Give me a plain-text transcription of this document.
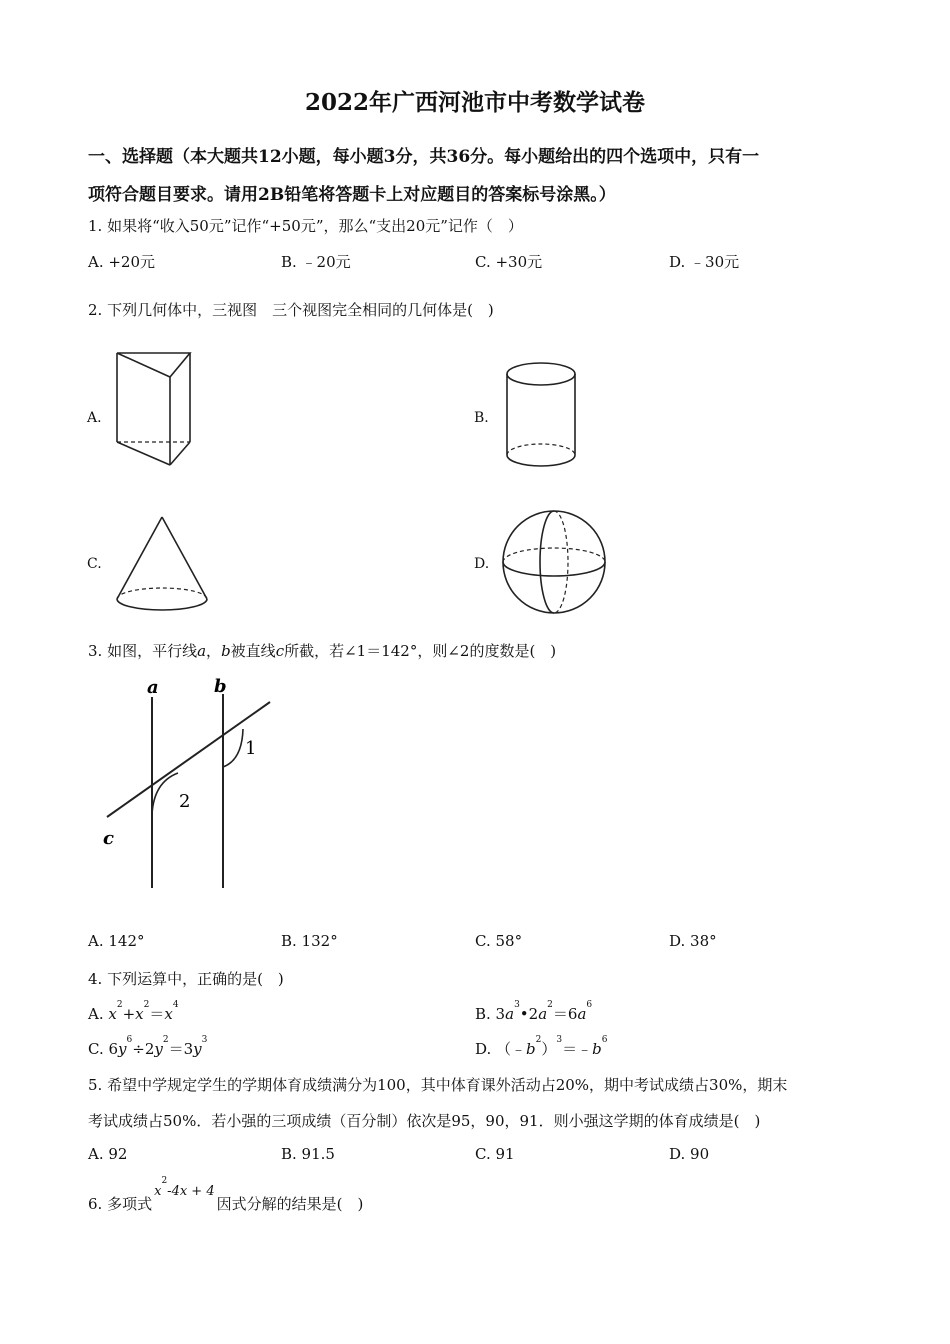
2022年广西河池市中考数学试卷
一、选择题（本大题共12小题，每小题3分，共36分。每小题给出的四个选项中，只有一
项符合题目要求。请用2B铅笔将答题卡上对应题目的答案标号涂黑。）
1. 如果将“收入50元”记作“+50元”，那么“支出20元”记作（　）
A. +20元	B. ﹣20元	C. +30元	D. ﹣30元
2. 下列几何体中，三视图　三个视图完全相同的几何体是(　)
A.	B.
C.	D.
3. 如图，平行线a，b被直线c所截，若∠1＝142°，则∠2的度数是(　)
a	b
c
1
2
A. 142°	B. 132°	C. 58°	D. 38°
4. 下列运算中，正确的是(　)
A. $x^2+x^2=x^4$	B. $3a^3•2a^2=6a^6$
C. $6y^6\div 2y^2=3y^3$	D. $(﹣b^2)^3=﹣b^6$
5. 希望中学规定学生的学期体育成绩满分为100，其中体育课外活动占20%，期中考试成绩占30%，期末
考试成绩占50%．若小强的三项成绩（百分制）依次是95，90，91．则小强这学期的体育成绩是(　)
A. 92	B. 91.5	C. 91	D. 90
6. 多项式$x^2-4x + 4$因式分解的结果是(　)
